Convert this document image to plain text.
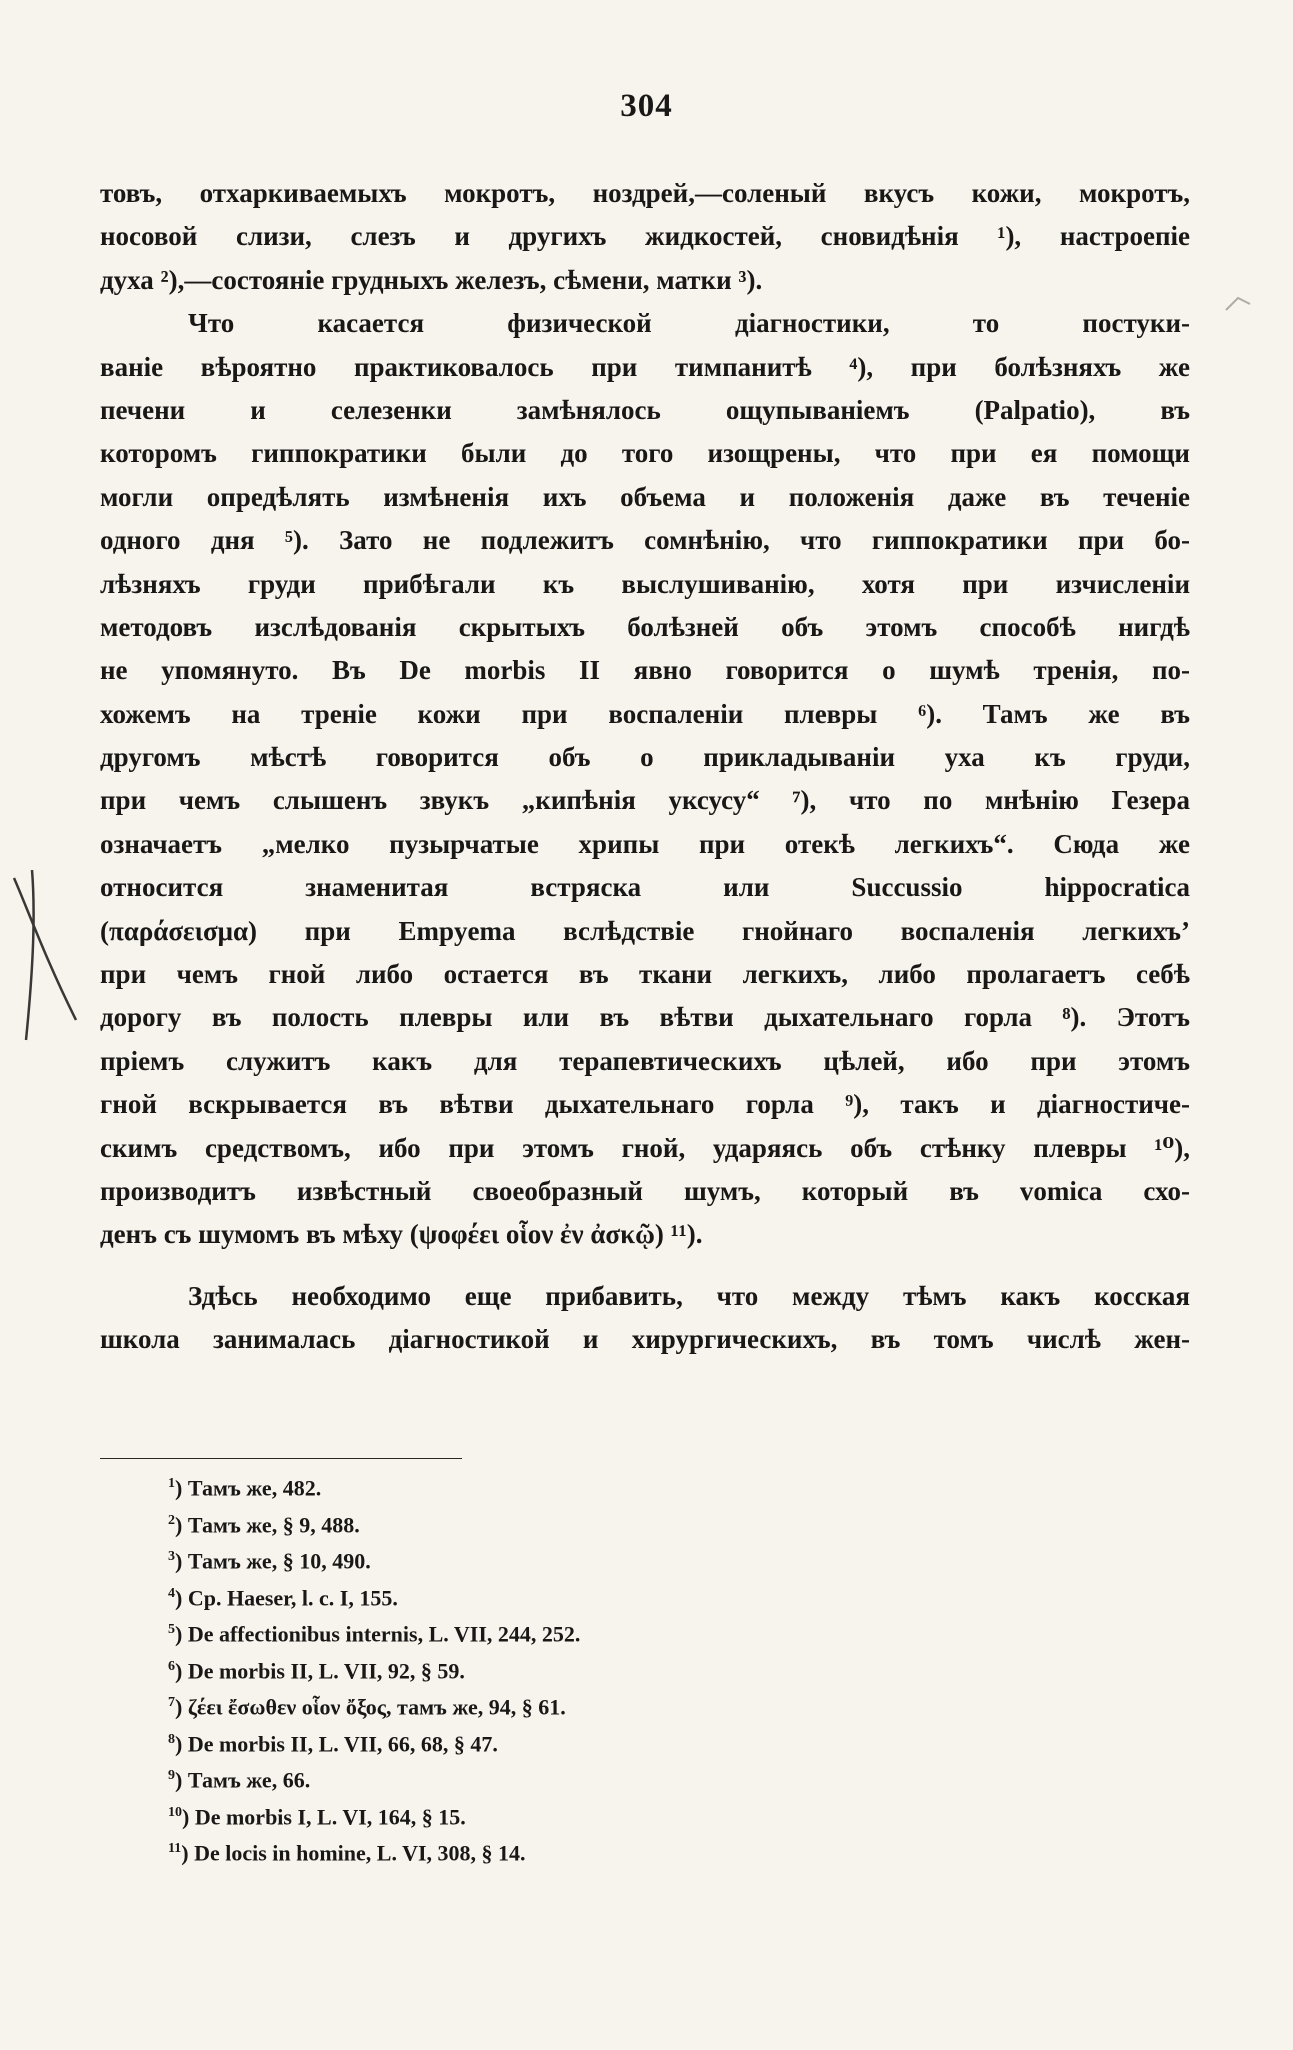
304
товъ, отхаркиваемыхъ мокротъ, ноздрей,—соленый вкусъ кожи, мокротъ,
носовой слизи, слезъ и другихъ жидкостей, сновидѣнія ¹), настроепіе
духа ²),—состояніе грудныхъ железъ, сѣмени, матки ³).
Что касается физической діагностики, то постуки-
ваніе вѣроятно практиковалось при тимпанитѣ ⁴), при болѣзняхъ же
печени и селезенки замѣнялось ощупываніемъ (Palpatio), въ
которомъ гиппократики были до того изощрены, что при ея помощи
могли опредѣлять измѣненія ихъ объема и положенія даже въ теченіе
одного дня ⁵). Зато не подлежитъ сомнѣнію, что гиппократики при бо-
лѣзняхъ груди прибѣгали къ выслушиванію, хотя при изчисленіи
методовъ изслѣдованія скрытыхъ болѣзней объ этомъ способѣ нигдѣ
не упомянуто. Въ De morbis II явно говорится о шумѣ тренія, по-
хожемъ на треніе кожи при воспаленіи плевры ⁶). Тамъ же въ
другомъ мѣстѣ говорится объ о прикладываніи уха къ груди,
при чемъ слышенъ звукъ „кипѣнія уксусу“ ⁷), что по мнѣнію Гезера
означаетъ „мелко пузырчатые хрипы при отекѣ легкихъ“. Сюда же
относится знаменитая встряска или Succussio hippocratica
(παράσεισμα) при Empyema вслѣдствіе гнойнаго воспаленія легкихъ’
при чемъ гной либо остается въ ткани легкихъ, либо пролагаетъ себѣ
дорогу въ полость плевры или въ вѣтви дыхательнаго горла ⁸). Этотъ
пріемъ служитъ какъ для терапевтическихъ цѣлей, ибо при этомъ
гной вскрывается въ вѣтви дыхательнаго горла ⁹), такъ и діагностиче-
скимъ средствомъ, ибо при этомъ гной, ударяясь объ стѣнку плевры ¹⁰),
производитъ извѣстный своеобразный шумъ, который въ vomica схо-
денъ съ шумомъ въ мѣху (ψοφέει οἷον ἐν ἀσκῷ) ¹¹).
Здѣсь необходимо еще прибавить, что между тѣмъ какъ косская
школа занималась діагностикой и хирургическихъ, въ томъ числѣ жен-
$^1$) Тамъ же, 482.
$^2$) Тамъ же, § 9, 488.
$^3$) Тамъ же, § 10, 490.
$^4$) Ср. Haeser, l. c. I, 155.
$^5$) De affectionibus internis, L. VII, 244, 252.
$^6$) De morbis II, L. VII, 92, § 59.
$^7$) ζέει ἔσωθεν οἷον ὄξος, тамъ же, 94, § 61.
$^8$) De morbis II, L. VII, 66, 68, § 47.
$^9$) Тамъ же, 66.
$^{10}$) De morbis I, L. VI, 164, § 15.
$^{11}$) De locis in homine, L. VI, 308, § 14.
